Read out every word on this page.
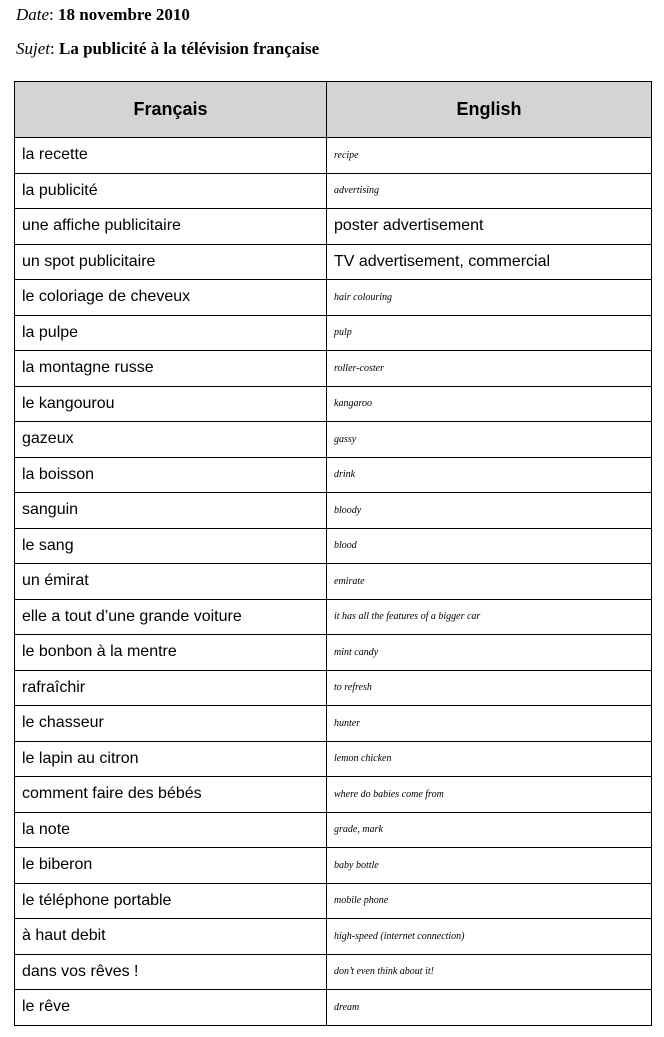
Date: 18 novembre 2010
Sujet: La publicité à la télévision française
Français	English
la recette	recipe
la publicité	advertising
une affiche publicitaire	poster advertisement
un spot publicitaire	TV advertisement, commercial
le coloriage de cheveux	hair colouring
la pulpe	pulp
la montagne russe	roller-coster
le kangourou	kangaroo
gazeux	gassy
la boisson	drink
sanguin	bloody
le sang	blood
un émirat	emirate
elle a tout d’une grande voiture	it has all the features of a bigger car
le bonbon à la mentre	mint candy
rafraîchir	to refresh
le chasseur	hunter
le lapin au citron	lemon chicken
comment faire des bébés	where do babies come from
la note	grade, mark
le biberon	baby bottle
le téléphone portable	mobile phone
à haut debit	high-speed (internet connection)
dans vos rêves !	don’t even think about it!
le rêve	dream
